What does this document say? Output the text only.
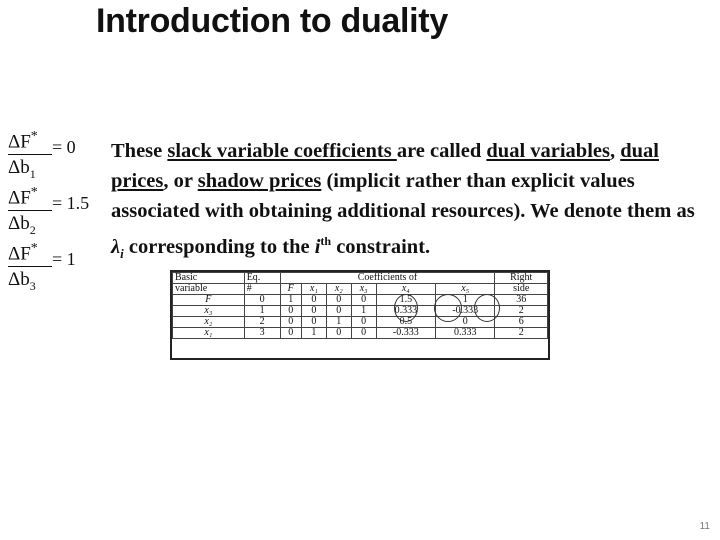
Introduction to duality
ΔF*
$\Delta b_1$
= 0
ΔF*
$\Delta b_2$
= 1.5
ΔF*
$\Delta b_3$
= 1
These slack variable coefficients are called dual variables, dual prices, or shadow prices (implicit rather than explicit values associated with obtaining additional resources). We denote them as $\lambda_i$ corresponding to the $i^{th}$ constraint.
Basic	Eq.	Coefficients of						Right
variable	#	F	x₁	x₂	x₃	x₄	x₅	side
F	0	1	0	0	0	1.5	1	36
x₃	1	0	0	0	1	0.333	-0.333	2
x₂	2	0	0	1	0	0.5	0	6
x₁	3	0	1	0	0	-0.333	0.333	2
11
